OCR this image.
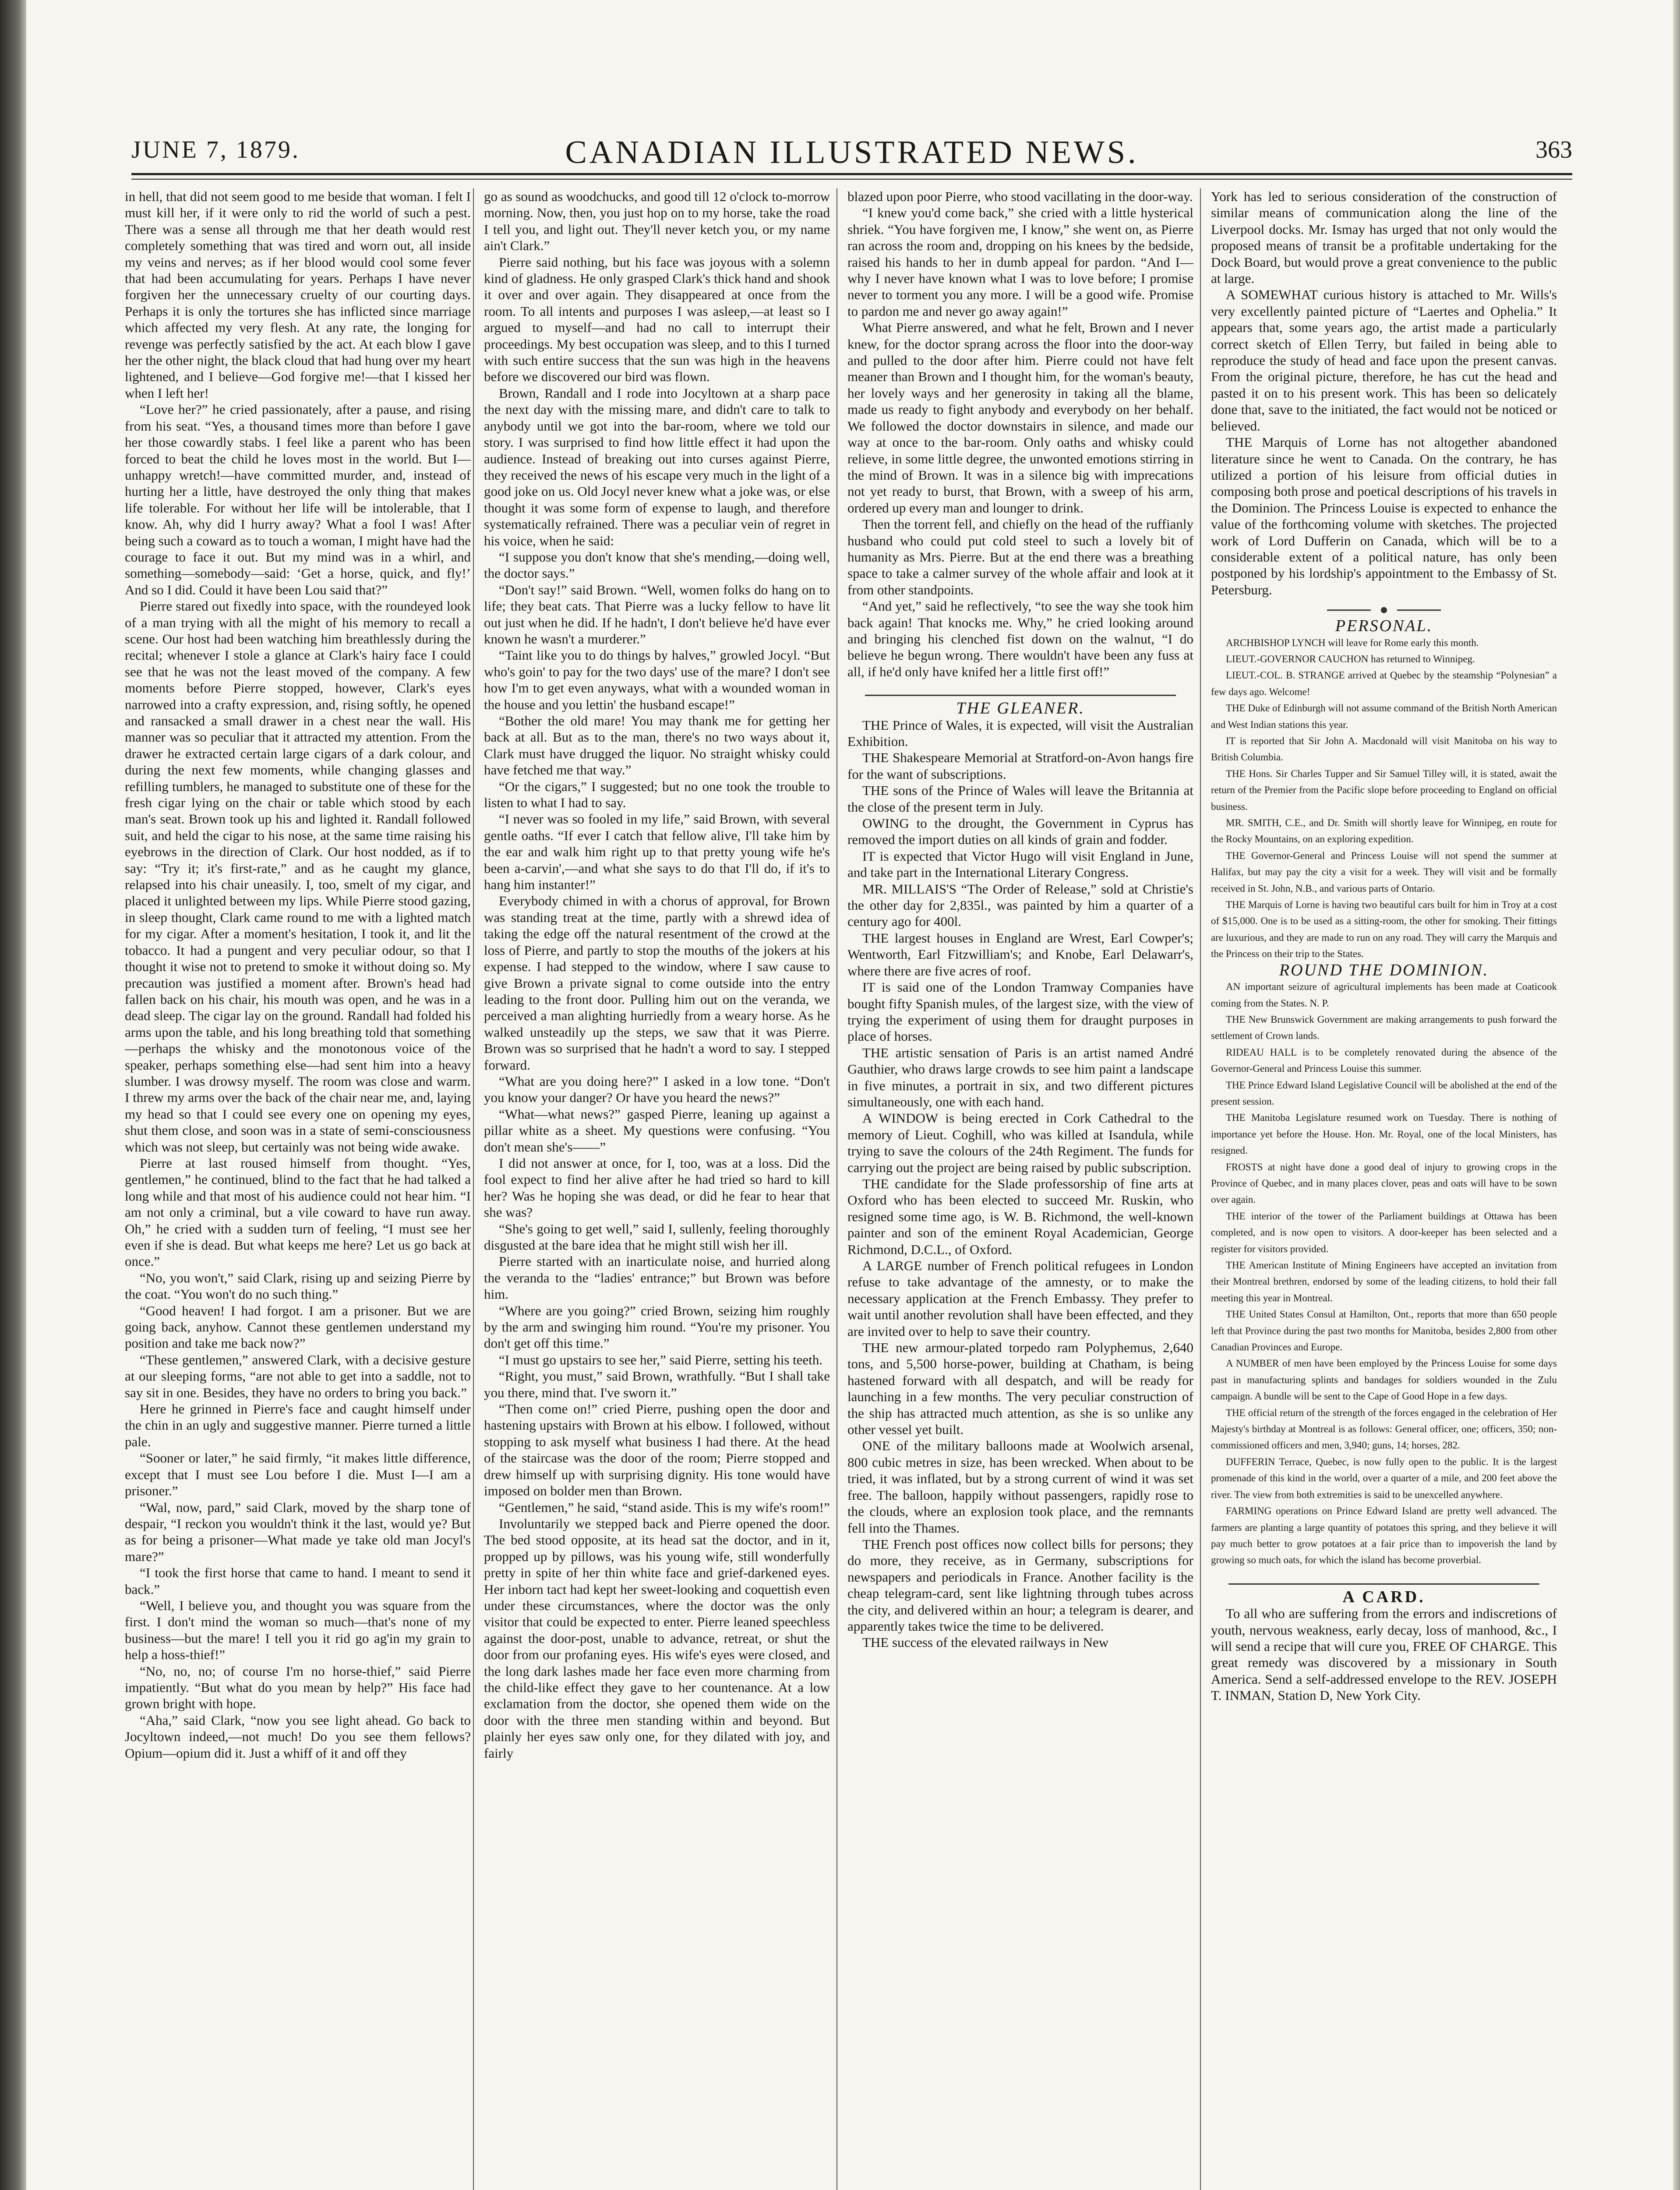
JUNE 7, 1879.	CANADIAN ILLUSTRATED NEWS.	363

in hell, that did not seem good to me beside that woman. I felt I must kill her, if it were only to rid the world of such a pest. There was a sense all through me that her death would rest completely something that was tired and worn out, all inside my veins and nerves; as if her blood would cool some fever that had been accumulating for years. Perhaps I have never forgiven her the unnecessary cruelty of our courting days. Perhaps it is only the tortures she has inflicted since marriage which affected my very flesh. At any rate, the longing for revenge was perfectly satisfied by the act. At each blow I gave her the other night, the black cloud that had hung over my heart lightened, and I believe—God forgive me!—that I kissed her when I left her!

“Love her?” he cried passionately, after a pause, and rising from his seat. “Yes, a thousand times more than before I gave her those cowardly stabs. I feel like a parent who has been forced to beat the child he loves most in the world. But I—unhappy wretch!—have committed murder, and, instead of hurting her a little, have destroyed the only thing that makes life tolerable. For without her life will be intolerable, that I know. Ah, why did I hurry away? What a fool I was! After being such a coward as to touch a woman, I might have had the courage to face it out. But my mind was in a whirl, and something—somebody—said: ‘Get a horse, quick, and fly!’ And so I did. Could it have been Lou said that?”

Pierre stared out fixedly into space, with the roundeyed look of a man trying with all the might of his memory to recall a scene. Our host had been watching him breathlessly during the recital; whenever I stole a glance at Clark's hairy face I could see that he was not the least moved of the company. A few moments before Pierre stopped, however, Clark's eyes narrowed into a crafty expression, and, rising softly, he opened and ransacked a small drawer in a chest near the wall. His manner was so peculiar that it attracted my attention. From the drawer he extracted certain large cigars of a dark colour, and during the next few moments, while changing glasses and refilling tumblers, he managed to substitute one of these for the fresh cigar lying on the chair or table which stood by each man's seat. Brown took up his and lighted it. Randall followed suit, and held the cigar to his nose, at the same time raising his eyebrows in the direction of Clark. Our host nodded, as if to say: “Try it; it's first-rate,” and as he caught my glance, relapsed into his chair uneasily. I, too, smelt of my cigar, and placed it unlighted between my lips. While Pierre stood gazing, in sleep thought, Clark came round to me with a lighted match for my cigar. After a moment's hesitation, I took it, and lit the tobacco. It had a pungent and very peculiar odour, so that I thought it wise not to pretend to smoke it without doing so. My precaution was justified a moment after. Brown's head had fallen back on his chair, his mouth was open, and he was in a dead sleep. The cigar lay on the ground. Randall had folded his arms upon the table, and his long breathing told that something—perhaps the whisky and the monotonous voice of the speaker, perhaps something else—had sent him into a heavy slumber. I was drowsy myself. The room was close and warm. I threw my arms over the back of the chair near me, and, laying my head so that I could see every one on opening my eyes, shut them close, and soon was in a state of semi-consciousness which was not sleep, but certainly was not being wide awake.

Pierre at last roused himself from thought. “Yes, gentlemen,” he continued, blind to the fact that he had talked a long while and that most of his audience could not hear him. “I am not only a criminal, but a vile coward to have run away. Oh,” he cried with a sudden turn of feeling, “I must see her even if she is dead. But what keeps me here? Let us go back at once.”

“No, you won't,” said Clark, rising up and seizing Pierre by the coat. “You won't do no such thing.”

“Good heaven! I had forgot. I am a prisoner. But we are going back, anyhow. Cannot these gentlemen understand my position and take me back now?”

“These gentlemen,” answered Clark, with a decisive gesture at our sleeping forms, “are not able to get into a saddle, not to say sit in one. Besides, they have no orders to bring you back.”

Here he grinned in Pierre's face and caught himself under the chin in an ugly and suggestive manner. Pierre turned a little pale.

“Sooner or later,” he said firmly, “it makes little difference, except that I must see Lou before I die. Must I—I am a prisoner.”

“Wal, now, pard,” said Clark, moved by the sharp tone of despair, “I reckon you wouldn't think it the last, would ye? But as for being a prisoner—What made ye take old man Jocyl's mare?”

“I took the first horse that came to hand. I meant to send it back.”

“Well, I believe you, and thought you was square from the first. I don't mind the woman so much—that's none of my business—but the mare! I tell you it rid go ag'in my grain to help a hoss-thief!”

“No, no, no; of course I'm no horse-thief,” said Pierre impatiently. “But what do you mean by help?” His face had grown bright with hope.

“Aha,” said Clark, “now you see light ahead. Go back to Jocyltown indeed,—not much! Do you see them fellows? Opium—opium did it. Just a whiff of it and off they

go as sound as woodchucks, and good till 12 o'clock to-morrow morning. Now, then, you just hop on to my horse, take the road I tell you, and light out. They'll never ketch you, or my name ain't Clark.”

Pierre said nothing, but his face was joyous with a solemn kind of gladness. He only grasped Clark's thick hand and shook it over and over again. They disappeared at once from the room. To all intents and purposes I was asleep,—at least so I argued to myself—and had no call to interrupt their proceedings. My best occupation was sleep, and to this I turned with such entire success that the sun was high in the heavens before we discovered our bird was flown.

Brown, Randall and I rode into Jocyltown at a sharp pace the next day with the missing mare, and didn't care to talk to anybody until we got into the bar-room, where we told our story. I was surprised to find how little effect it had upon the audience. Instead of breaking out into curses against Pierre, they received the news of his escape very much in the light of a good joke on us. Old Jocyl never knew what a joke was, or else thought it was some form of expense to laugh, and therefore systematically refrained. There was a peculiar vein of regret in his voice, when he said:

“I suppose you don't know that she's mending,—doing well, the doctor says.”

“Don't say!” said Brown. “Well, women folks do hang on to life; they beat cats. That Pierre was a lucky fellow to have lit out just when he did. If he hadn't, I don't believe he'd have ever known he wasn't a murderer.”

“Taint like you to do things by halves,” growled Jocyl. “But who's goin' to pay for the two days' use of the mare? I don't see how I'm to get even anyways, what with a wounded woman in the house and you lettin' the husband escape!”

“Bother the old mare! You may thank me for getting her back at all. But as to the man, there's no two ways about it, Clark must have drugged the liquor. No straight whisky could have fetched me that way.”

“Or the cigars,” I suggested; but no one took the trouble to listen to what I had to say.

“I never was so fooled in my life,” said Brown, with several gentle oaths. “If ever I catch that fellow alive, I'll take him by the ear and walk him right up to that pretty young wife he's been a-carvin',—and what she says to do that I'll do, if it's to hang him instanter!”

Everybody chimed in with a chorus of approval, for Brown was standing treat at the time, partly with a shrewd idea of taking the edge off the natural resentment of the crowd at the loss of Pierre, and partly to stop the mouths of the jokers at his expense. I had stepped to the window, where I saw cause to give Brown a private signal to come outside into the entry leading to the front door. Pulling him out on the veranda, we perceived a man alighting hurriedly from a weary horse. As he walked unsteadily up the steps, we saw that it was Pierre. Brown was so surprised that he hadn't a word to say. I stepped forward.

“What are you doing here?” I asked in a low tone. “Don't you know your danger? Or have you heard the news?”

“What—what news?” gasped Pierre, leaning up against a pillar white as a sheet. My questions were confusing. “You don't mean she's——”

I did not answer at once, for I, too, was at a loss. Did the fool expect to find her alive after he had tried so hard to kill her? Was he hoping she was dead, or did he fear to hear that she was?

“She's going to get well,” said I, sullenly, feeling thoroughly disgusted at the bare idea that he might still wish her ill.

Pierre started with an inarticulate noise, and hurried along the veranda to the “ladies' entrance;” but Brown was before him.

“Where are you going?” cried Brown, seizing him roughly by the arm and swinging him round. “You're my prisoner. You don't get off this time.”

“I must go upstairs to see her,” said Pierre, setting his teeth.

“Right, you must,” said Brown, wrathfully. “But I shall take you there, mind that. I've sworn it.”

“Then come on!” cried Pierre, pushing open the door and hastening upstairs with Brown at his elbow. I followed, without stopping to ask myself what business I had there. At the head of the staircase was the door of the room; Pierre stopped and drew himself up with surprising dignity. His tone would have imposed on bolder men than Brown.

“Gentlemen,” he said, “stand aside. This is my wife's room!”

Involuntarily we stepped back and Pierre opened the door. The bed stood opposite, at its head sat the doctor, and in it, propped up by pillows, was his young wife, still wonderfully pretty in spite of her thin white face and grief-darkened eyes. Her inborn tact had kept her sweet-looking and coquettish even under these circumstances, where the doctor was the only visitor that could be expected to enter. Pierre leaned speechless against the door-post, unable to advance, retreat, or shut the door from our profaning eyes. His wife's eyes were closed, and the long dark lashes made her face even more charming from the child-like effect they gave to her countenance. At a low exclamation from the doctor, she opened them wide on the door with the three men standing within and beyond. But plainly her eyes saw only one, for they dilated with joy, and fairly

blazed upon poor Pierre, who stood vacillating in the door-way.

“I knew you'd come back,” she cried with a little hysterical shriek. “You have forgiven me, I know,” she went on, as Pierre ran across the room and, dropping on his knees by the bedside, raised his hands to her in dumb appeal for pardon. “And I—why I never have known what I was to love before; I promise never to torment you any more. I will be a good wife. Promise to pardon me and never go away again!”

What Pierre answered, and what he felt, Brown and I never knew, for the doctor sprang across the floor into the door-way and pulled to the door after him. Pierre could not have felt meaner than Brown and I thought him, for the woman's beauty, her lovely ways and her generosity in taking all the blame, made us ready to fight anybody and everybody on her behalf. We followed the doctor downstairs in silence, and made our way at once to the bar-room. Only oaths and whisky could relieve, in some little degree, the unwonted emotions stirring in the mind of Brown. It was in a silence big with imprecations not yet ready to burst, that Brown, with a sweep of his arm, ordered up every man and lounger to drink.

Then the torrent fell, and chiefly on the head of the ruffianly husband who could put cold steel to such a lovely bit of humanity as Mrs. Pierre. But at the end there was a breathing space to take a calmer survey of the whole affair and look at it from other standpoints.

“And yet,” said he reflectively, “to see the way she took him back again! That knocks me. Why,” he cried looking around and bringing his clenched fist down on the walnut, “I do believe he begun wrong. There wouldn't have been any fuss at all, if he'd only have knifed her a little first off!”

THE GLEANER.

THE Prince of Wales, it is expected, will visit the Australian Exhibition.

THE Shakespeare Memorial at Stratford-on-Avon hangs fire for the want of subscriptions.

THE sons of the Prince of Wales will leave the Britannia at the close of the present term in July.

OWING to the drought, the Government in Cyprus has removed the import duties on all kinds of grain and fodder.

IT is expected that Victor Hugo will visit England in June, and take part in the International Literary Congress.

MR. MILLAIS'S “The Order of Release,” sold at Christie's the other day for 2,835l., was painted by him a quarter of a century ago for 400l.

THE largest houses in England are Wrest, Earl Cowper's; Wentworth, Earl Fitzwilliam's; and Knobe, Earl Delawarr's, where there are five acres of roof.

IT is said one of the London Tramway Companies have bought fifty Spanish mules, of the largest size, with the view of trying the experiment of using them for draught purposes in place of horses.

THE artistic sensation of Paris is an artist named André Gauthier, who draws large crowds to see him paint a landscape in five minutes, a portrait in six, and two different pictures simultaneously, one with each hand.

A WINDOW is being erected in Cork Cathedral to the memory of Lieut. Coghill, who was killed at Isandula, while trying to save the colours of the 24th Regiment. The funds for carrying out the project are being raised by public subscription.

THE candidate for the Slade professorship of fine arts at Oxford who has been elected to succeed Mr. Ruskin, who resigned some time ago, is W. B. Richmond, the well-known painter and son of the eminent Royal Academician, George Richmond, D.C.L., of Oxford.

A LARGE number of French political refugees in London refuse to take advantage of the amnesty, or to make the necessary application at the French Embassy. They prefer to wait until another revolution shall have been effected, and they are invited over to help to save their country.

THE new armour-plated torpedo ram Polyphemus, 2,640 tons, and 5,500 horse-power, building at Chatham, is being hastened forward with all despatch, and will be ready for launching in a few months. The very peculiar construction of the ship has attracted much attention, as she is so unlike any other vessel yet built.

ONE of the military balloons made at Woolwich arsenal, 800 cubic metres in size, has been wrecked. When about to be tried, it was inflated, but by a strong current of wind it was set free. The balloon, happily without passengers, rapidly rose to the clouds, where an explosion took place, and the remnants fell into the Thames.

THE French post offices now collect bills for persons; they do more, they receive, as in Germany, subscriptions for newspapers and periodicals in France. Another facility is the cheap telegram-card, sent like lightning through tubes across the city, and delivered within an hour; a telegram is dearer, and apparently takes twice the time to be delivered.

THE success of the elevated railways in New

York has led to serious consideration of the construction of similar means of communication along the line of the Liverpool docks. Mr. Ismay has urged that not only would the proposed means of transit be a profitable undertaking for the Dock Board, but would prove a great convenience to the public at large.

A SOMEWHAT curious history is attached to Mr. Wills's very excellently painted picture of “Laertes and Ophelia.” It appears that, some years ago, the artist made a particularly correct sketch of Ellen Terry, but failed in being able to reproduce the study of head and face upon the present canvas. From the original picture, therefore, he has cut the head and pasted it on to his present work. This has been so delicately done that, save to the initiated, the fact would not be noticed or believed.

THE Marquis of Lorne has not altogether abandoned literature since he went to Canada. On the contrary, he has utilized a portion of his leisure from official duties in composing both prose and poetical descriptions of his travels in the Dominion. The Princess Louise is expected to enhance the value of the forthcoming volume with sketches. The projected work of Lord Dufferin on Canada, which will be to a considerable extent of a political nature, has only been postponed by his lordship's appointment to the Embassy of St. Petersburg.

PERSONAL.

ARCHBISHOP LYNCH will leave for Rome early this month.

LIEUT.-GOVERNOR CAUCHON has returned to Winnipeg.

LIEUT.-COL. B. STRANGE arrived at Quebec by the steamship “Polynesian” a few days ago. Welcome!

THE Duke of Edinburgh will not assume command of the British North American and West Indian stations this year.

IT is reported that Sir John A. Macdonald will visit Manitoba on his way to British Columbia.

THE Hons. Sir Charles Tupper and Sir Samuel Tilley will, it is stated, await the return of the Premier from the Pacific slope before proceeding to England on official business.

MR. SMITH, C.E., and Dr. Smith will shortly leave for Winnipeg, en route for the Rocky Mountains, on an exploring expedition.

THE Governor-General and Princess Louise will not spend the summer at Halifax, but may pay the city a visit for a week. They will visit and be formally received in St. John, N.B., and various parts of Ontario.

THE Marquis of Lorne is having two beautiful cars built for him in Troy at a cost of $15,000. One is to be used as a sitting-room, the other for smoking. Their fittings are luxurious, and they are made to run on any road. They will carry the Marquis and the Princess on their trip to the States.

ROUND THE DOMINION.

AN important seizure of agricultural implements has been made at Coaticook coming from the States. N. P.

THE New Brunswick Government are making arrangements to push forward the settlement of Crown lands.

RIDEAU HALL is to be completely renovated during the absence of the Governor-General and Princess Louise this summer.

THE Prince Edward Island Legislative Council will be abolished at the end of the present session.

THE Manitoba Legislature resumed work on Tuesday. There is nothing of importance yet before the House. Hon. Mr. Royal, one of the local Ministers, has resigned.

FROSTS at night have done a good deal of injury to growing crops in the Province of Quebec, and in many places clover, peas and oats will have to be sown over again.

THE interior of the tower of the Parliament buildings at Ottawa has been completed, and is now open to visitors. A door-keeper has been selected and a register for visitors provided.

THE American Institute of Mining Engineers have accepted an invitation from their Montreal brethren, endorsed by some of the leading citizens, to hold their fall meeting this year in Montreal.

THE United States Consul at Hamilton, Ont., reports that more than 650 people left that Province during the past two months for Manitoba, besides 2,800 from other Canadian Provinces and Europe.

A NUMBER of men have been employed by the Princess Louise for some days past in manufacturing splints and bandages for soldiers wounded in the Zulu campaign. A bundle will be sent to the Cape of Good Hope in a few days.

THE official return of the strength of the forces engaged in the celebration of Her Majesty's birthday at Montreal is as follows: General officer, one; officers, 350; non-commissioned officers and men, 3,940; guns, 14; horses, 282.

DUFFERIN Terrace, Quebec, is now fully open to the public. It is the largest promenade of this kind in the world, over a quarter of a mile, and 200 feet above the river. The view from both extremities is said to be unexcelled anywhere.

FARMING operations on Prince Edward Island are pretty well advanced. The farmers are planting a large quantity of potatoes this spring, and they believe it will pay much better to grow potatoes at a fair price than to impoverish the land by growing so much oats, for which the island has become proverbial.

A CARD.

To all who are suffering from the errors and indiscretions of youth, nervous weakness, early decay, loss of manhood, &c., I will send a recipe that will cure you, FREE OF CHARGE. This great remedy was discovered by a missionary in South America. Send a self-addressed envelope to the REV. JOSEPH T. INMAN, Station D, New York City.
